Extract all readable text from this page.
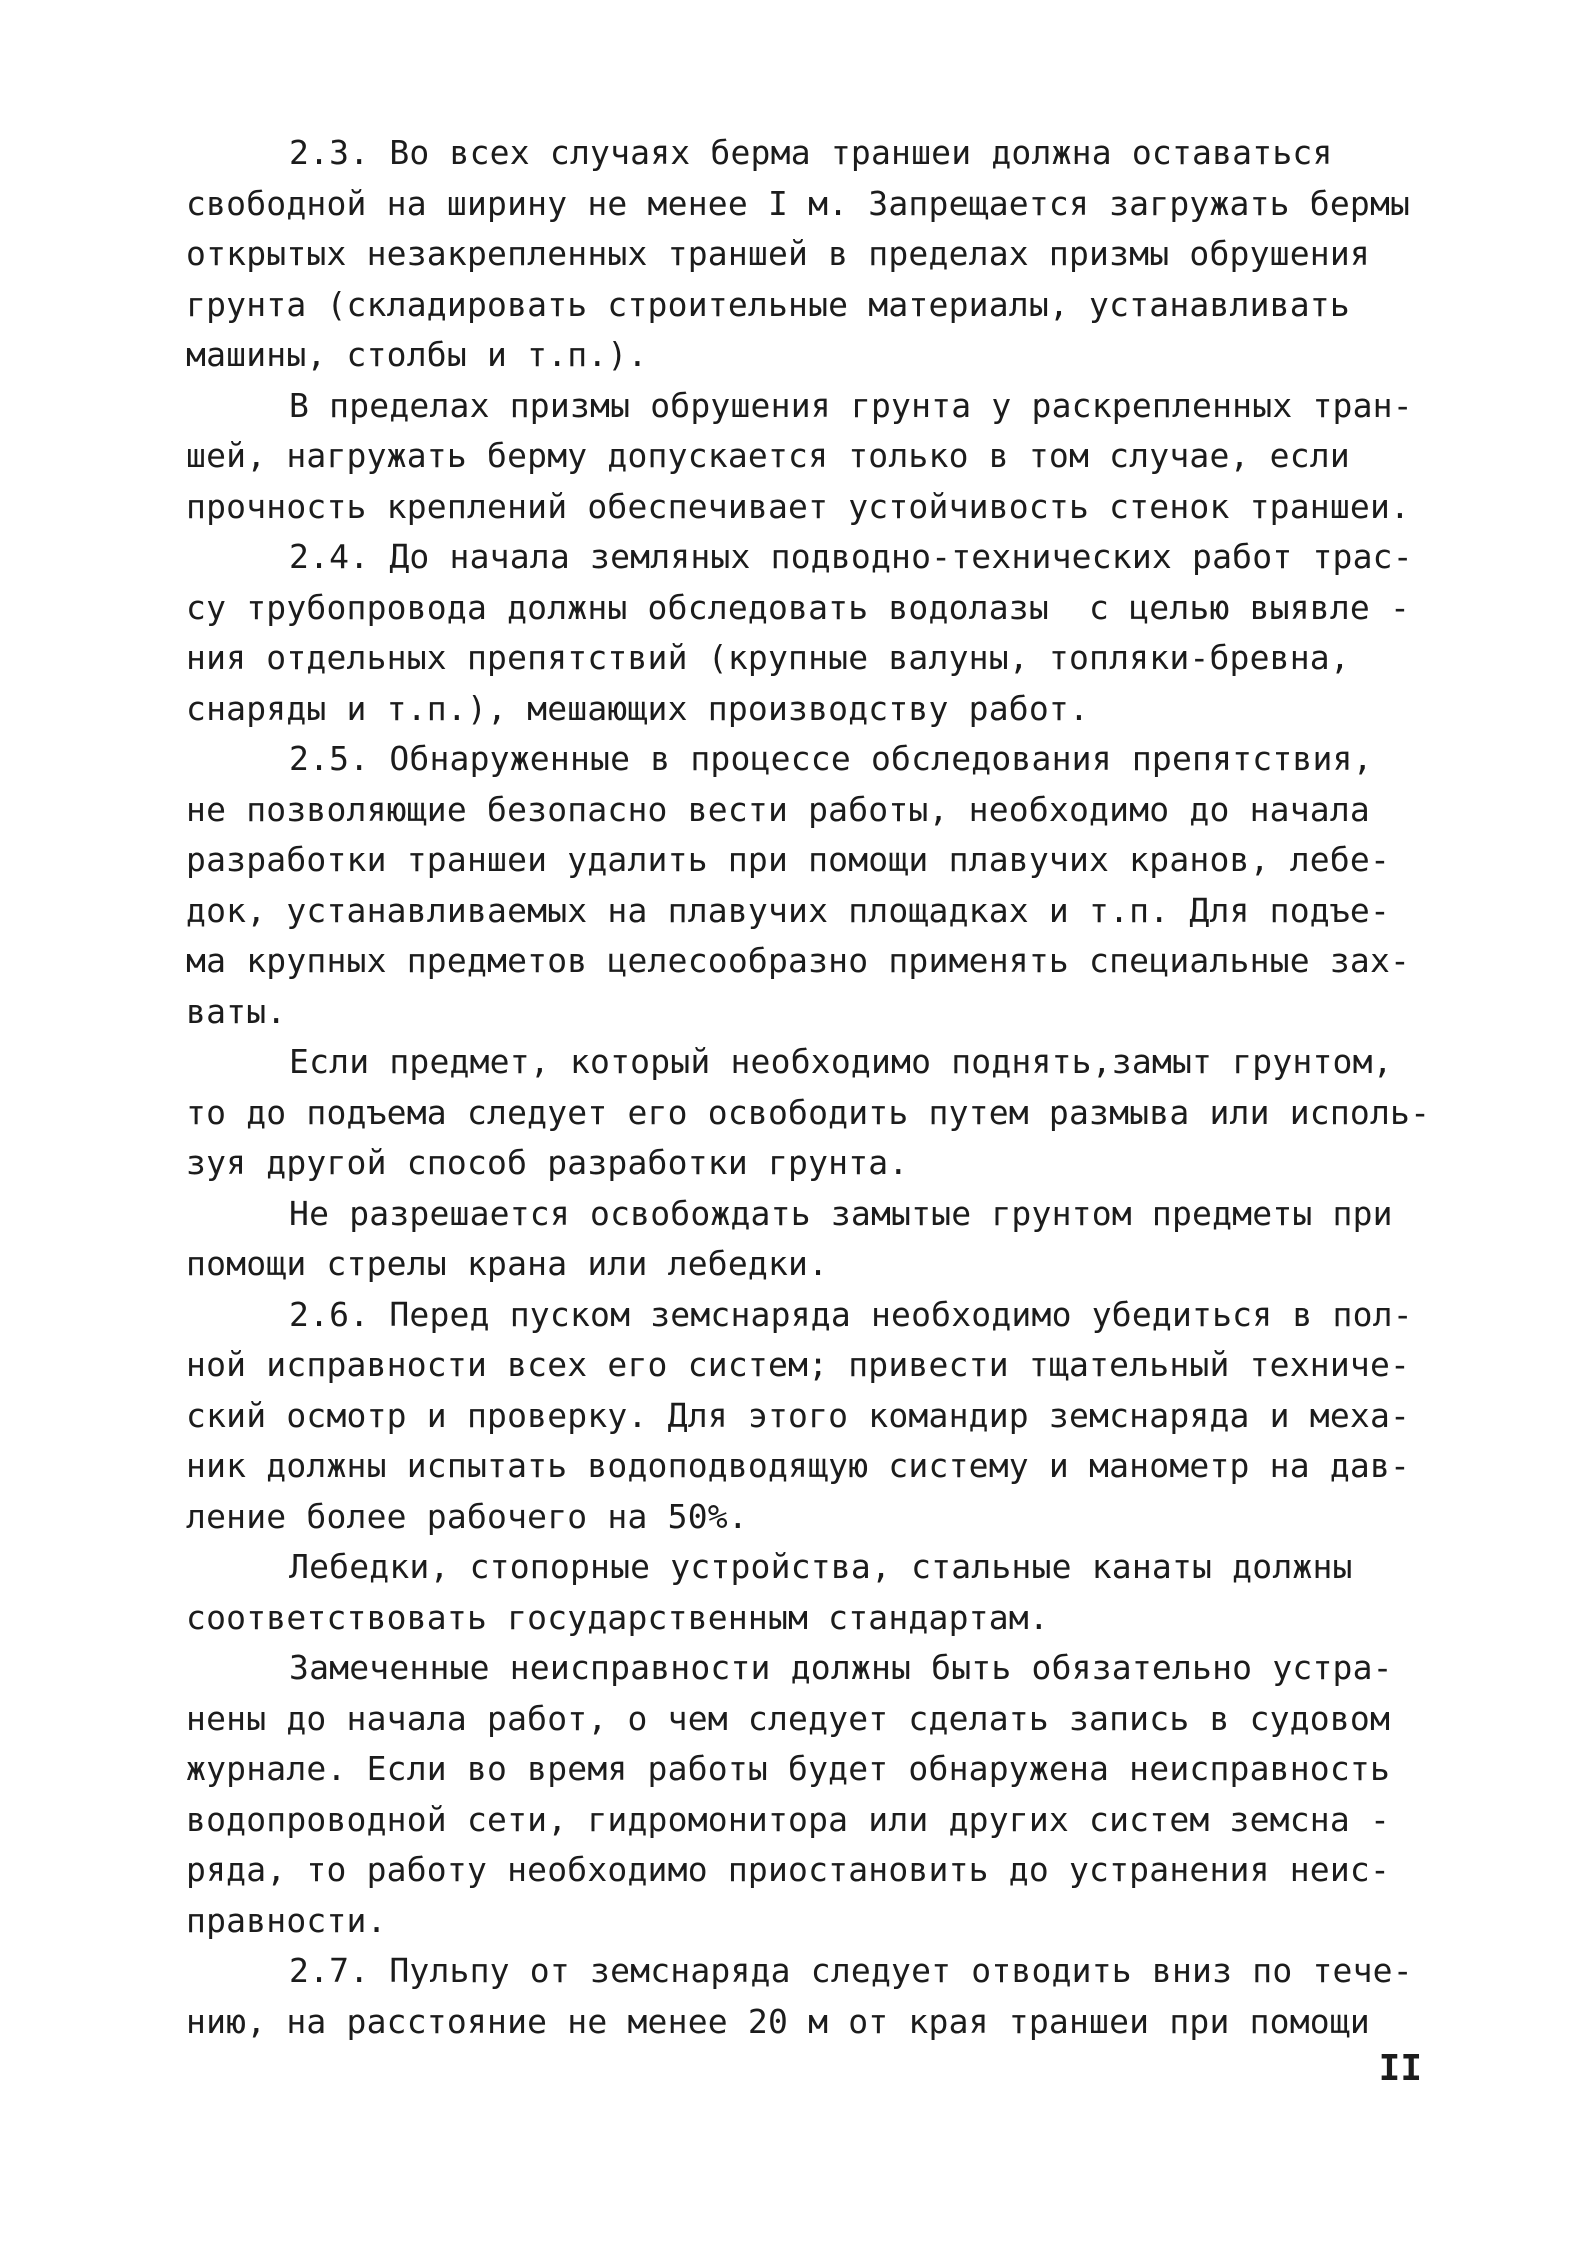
2.3. Во всех случаях берма траншеи должна оставаться
свободной на ширину не менее I м. Запрещается загружать бермы
открытых незакрепленных траншей в пределах призмы обрушения
грунта (складировать строительные материалы, устанавливать
машины, столбы и т.п.).
В пределах призмы обрушения грунта у раскрепленных тран-
шей, нагружать берму допускается только в том случае, если
прочность креплений обеспечивает устойчивость стенок траншеи.
2.4. До начала земляных подводно-технических работ трас-
су трубопровода должны обследовать водолазы  с целью выявле -
ния отдельных препятствий (крупные валуны, топляки-бревна,
снаряды и т.п.), мешающих производству работ.
2.5. Обнаруженные в процессе обследования препятствия,
не позволяющие безопасно вести работы, необходимо до начала
разработки траншеи удалить при помощи плавучих кранов, лебе-
док, устанавливаемых на плавучих площадках и т.п. Для подъе-
ма крупных предметов целесообразно применять специальные зах-
ваты.
Если предмет, который необходимо поднять,замыт грунтом,
то до подъема следует его освободить путем размыва или исполь-
зуя другой способ разработки грунта.
Не разрешается освобождать замытые грунтом предметы при
помощи стрелы крана или лебедки.
2.6. Перед пуском земснаряда необходимо убедиться в пол-
ной исправности всех его систем; привести тщательный техниче-
ский осмотр и проверку. Для этого командир земснаряда и меха-
ник должны испытать водоподводящую систему и манометр на дав-
ление более рабочего на 50%.
Лебедки, стопорные устройства, стальные канаты должны
соответствовать государственным стандартам.
Замеченные неисправности должны быть обязательно устра-
нены до начала работ, о чем следует сделать запись в судовом
журнале. Если во время работы будет обнаружена неисправность
водопроводной сети, гидромонитора или других систем земсна -
ряда, то работу необходимо приостановить до устранения неис-
правности.
2.7. Пульпу от земснаряда следует отводить вниз по тече-
нию, на расстояние не менее 20 м от края траншеи при помощи
II
